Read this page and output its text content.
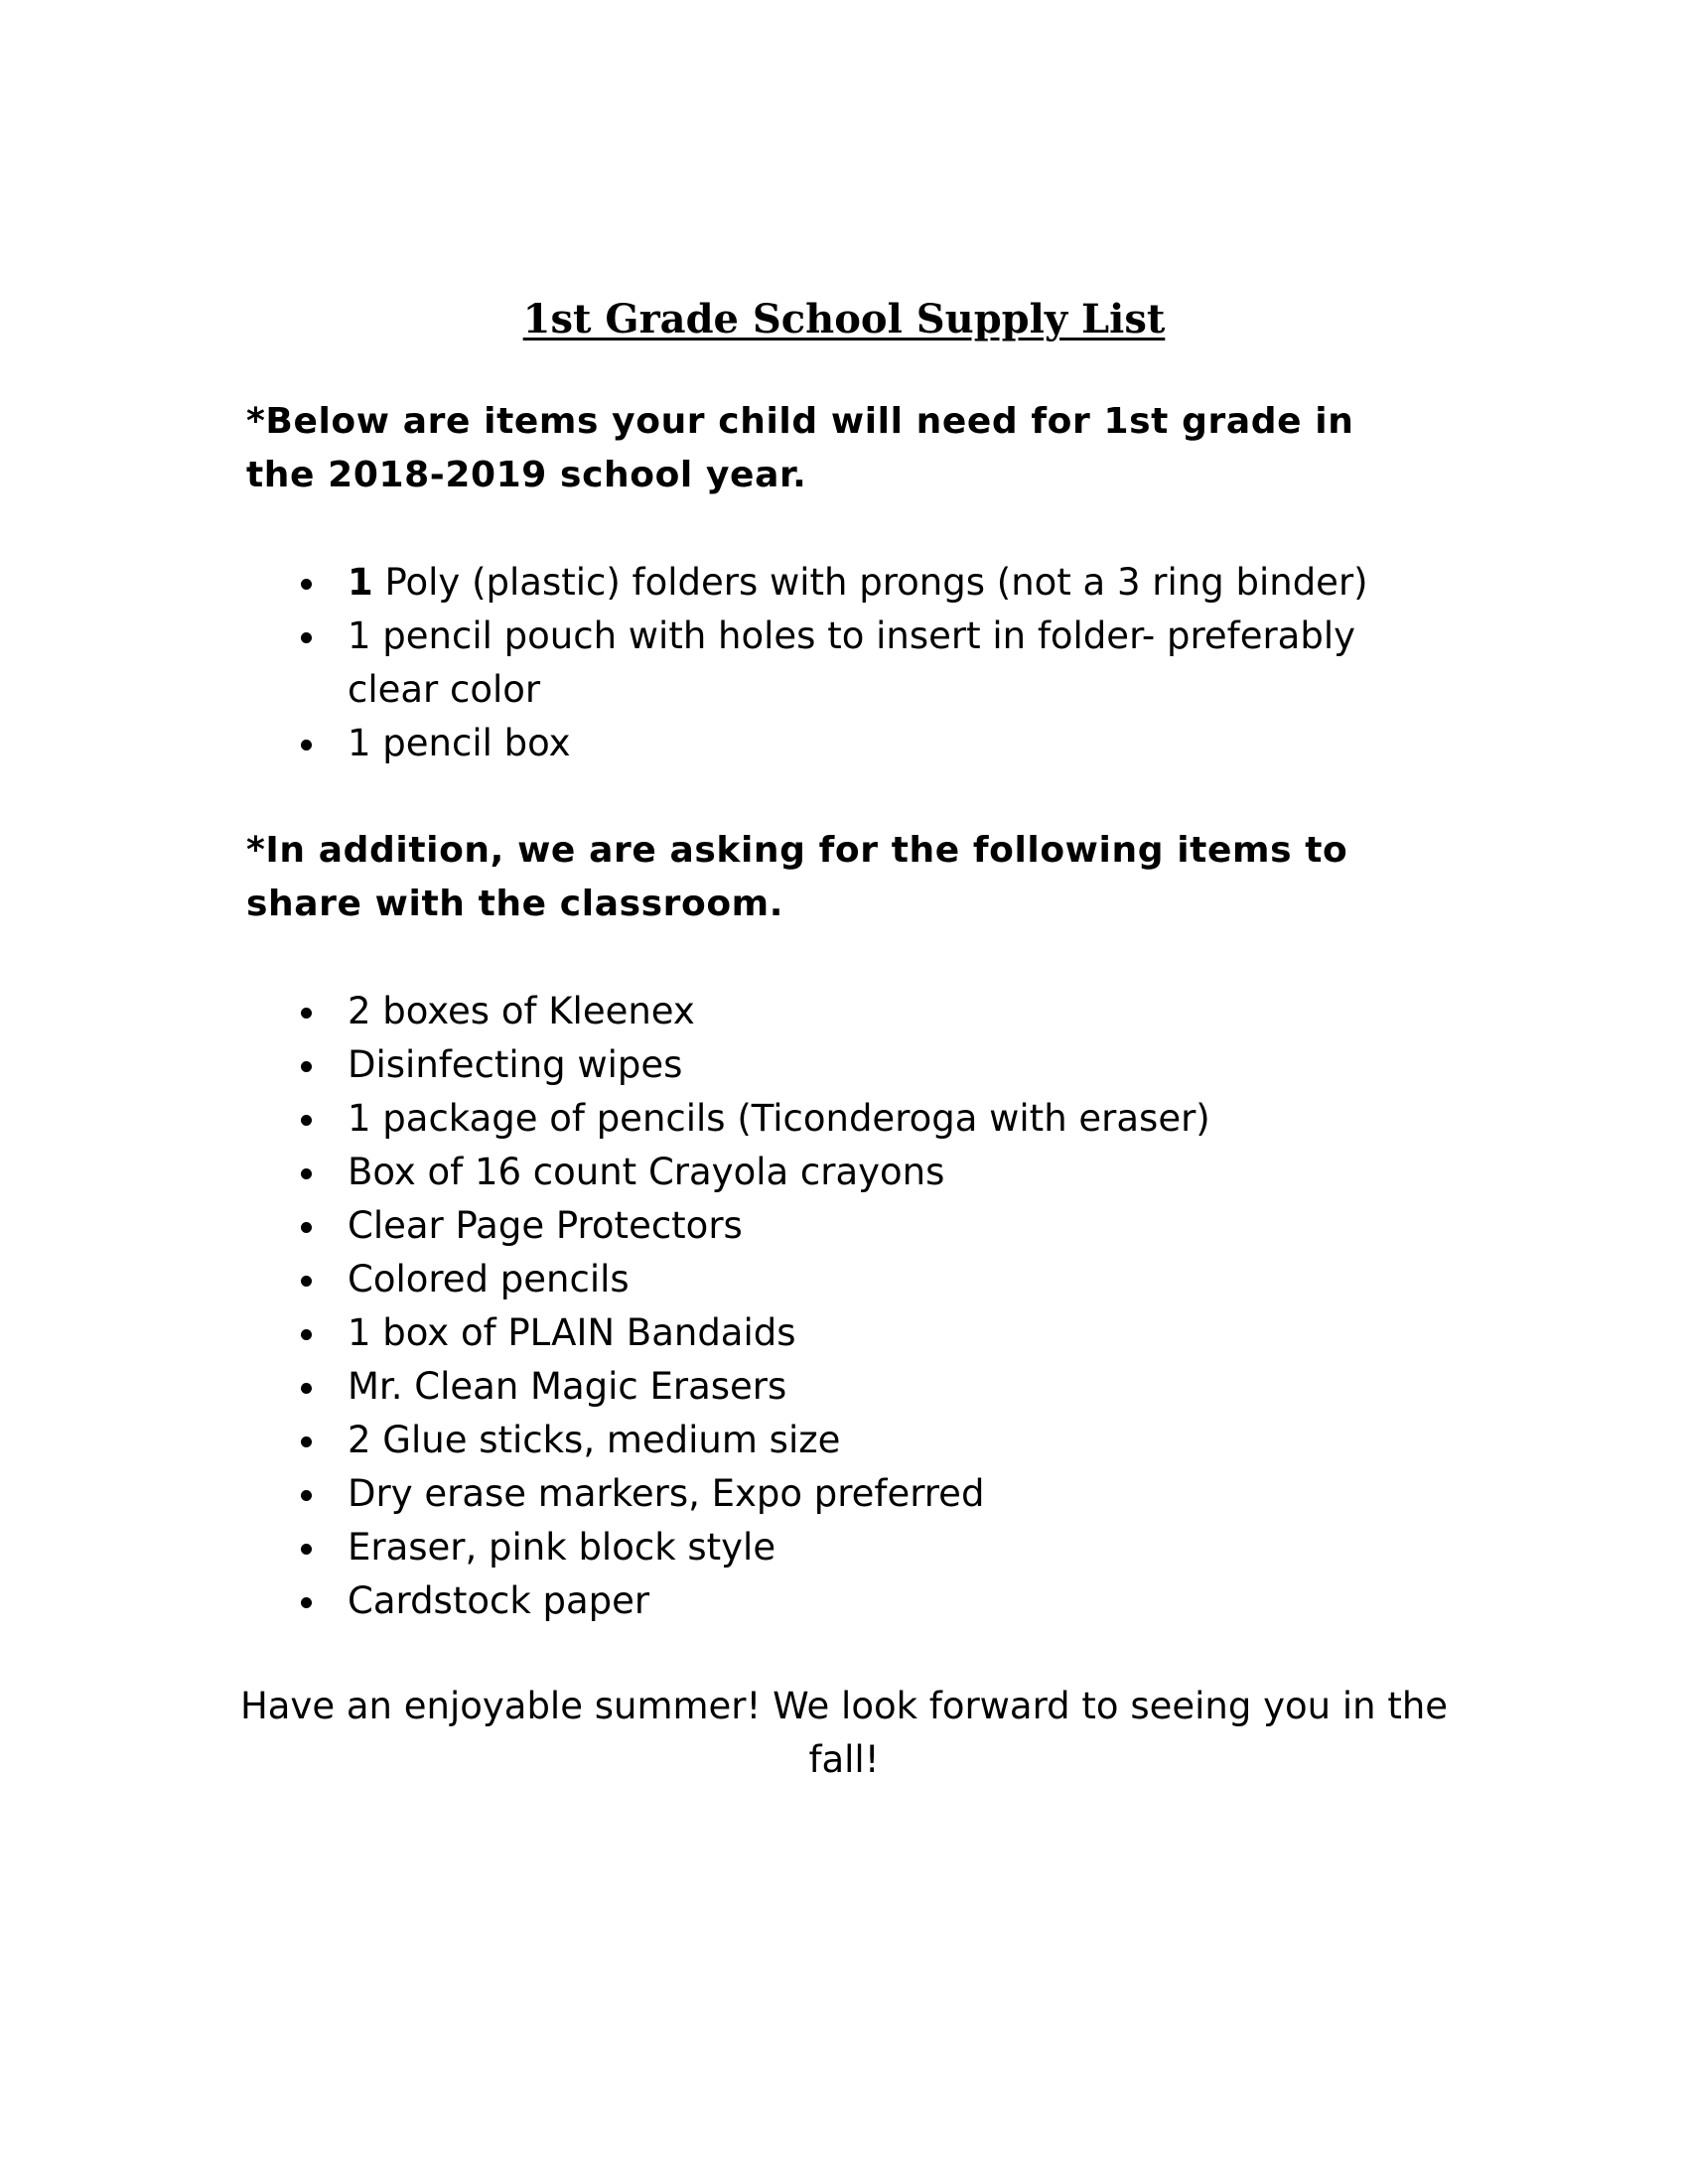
1st Grade School Supply List

*Below are items your child will need for 1st grade in the 2018-2019 school year.

1 Poly (plastic) folders with prongs (not a 3 ring binder)
1 pencil pouch with holes to insert in folder- preferably clear color
1 pencil box

*In addition, we are asking for the following items to share with the classroom.

2 boxes of Kleenex
Disinfecting wipes
1 package of pencils (Ticonderoga with eraser)
Box of 16 count Crayola crayons
Clear Page Protectors
Colored pencils
1 box of PLAIN Bandaids
Mr. Clean Magic Erasers
2 Glue sticks, medium size
Dry erase markers, Expo preferred
Eraser, pink block style
Cardstock paper

Have an enjoyable summer! We look forward to seeing you in the fall!
